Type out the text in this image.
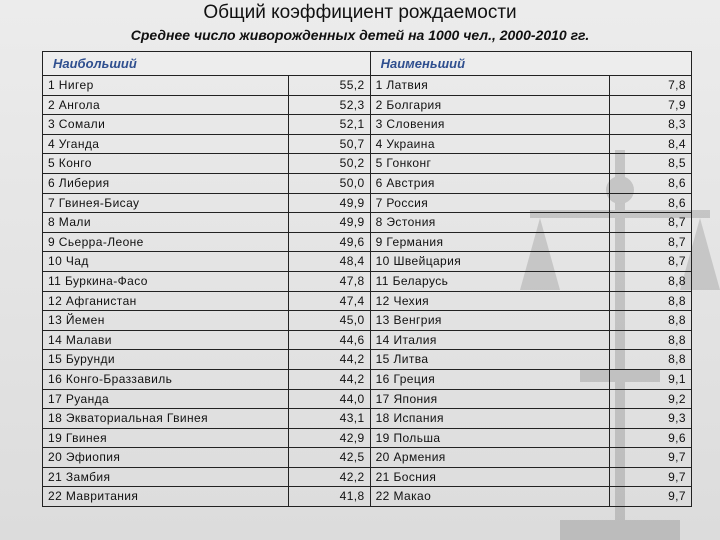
Общий коэффициент рождаемости
Среднее число живорожденных детей на 1000 чел., 2000-2010 гг.
Наибольший		Наименьший	
1 Нигер	55,2	1 Латвия	7,8
2 Ангола	52,3	2 Болгария	7,9
3 Сомали	52,1	3 Словения	8,3
4 Уганда	50,7	4 Украина	8,4
5 Конго	50,2	5 Гонконг	8,5
6 Либерия	50,0	6 Австрия	8,6
7 Гвинея-Бисау	49,9	7 Россия	8,6
8 Мали	49,9	8 Эстония	8,7
9 Сьерра-Леоне	49,6	9 Германия	8,7
10 Чад	48,4	10 Швейцария	8,7
11 Буркина-Фасо	47,8	11 Беларусь	8,8
12 Афганистан	47,4	12 Чехия	8,8
13 Йемен	45,0	13 Венгрия	8,8
14 Малави	44,6	14 Италия	8,8
15 Бурунди	44,2	15 Литва	8,8
16 Конго-Браззавиль	44,2	16 Греция	9,1
17 Руанда	44,0	17 Япония	9,2
18 Экваториальная Гвинея	43,1	18 Испания	9,3
19 Гвинея	42,9	19 Польша	9,6
20 Эфиопия	42,5	20 Армения	9,7
21 Замбия	42,2	21 Босния	9,7
22 Мавритания	41,8	22 Макао	9,7
